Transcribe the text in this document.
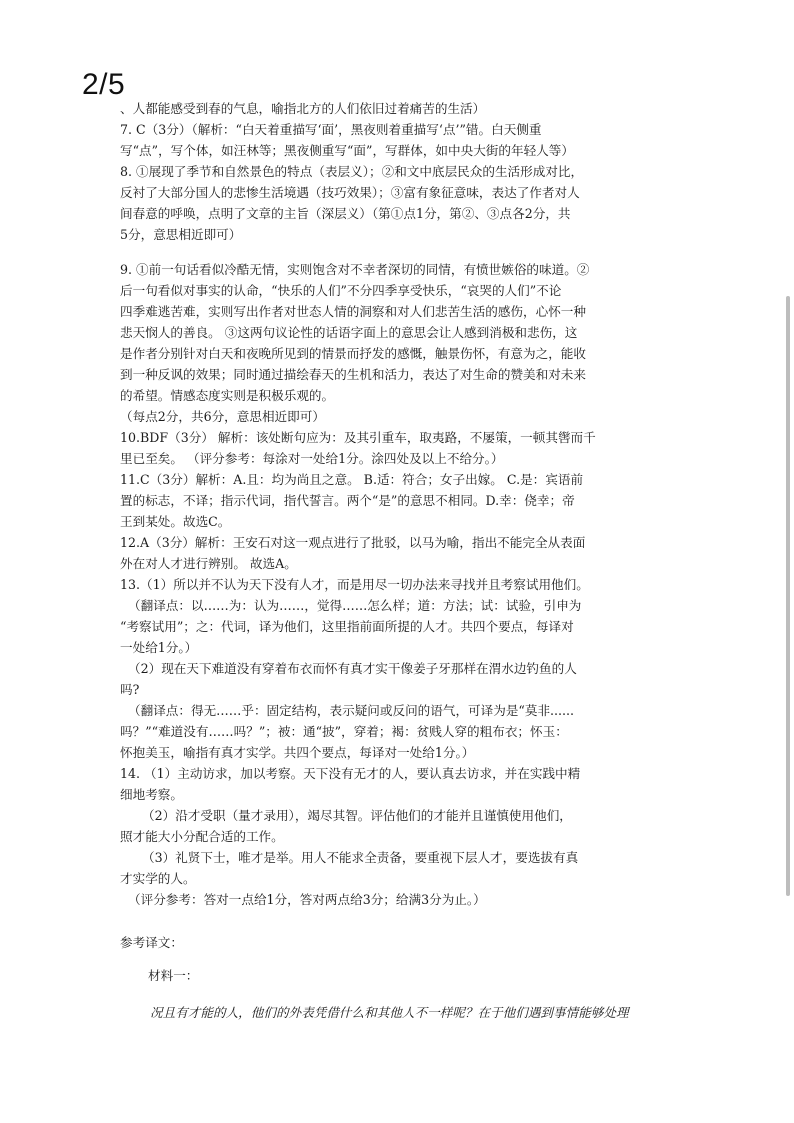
2/5
、人都能感受到春的气息，喻指北方的人们依旧过着痛苦的生活）
7. C（3分）（解析：“白天着重描写‘面’，黑夜则着重描写‘点’”错。白天侧重
写“点”，写个体，如汪林等；黑夜侧重写“面”，写群体，如中央大街的年轻人等）
8. ①展现了季节和自然景色的特点（表层义）；②和文中底层民众的生活形成对比，
反衬了大部分国人的悲惨生活境遇（技巧效果）；③富有象征意味，表达了作者对人
间春意的呼唤，点明了文章的主旨（深层义）（第①点1分，第②、③点各2分，共
5分，意思相近即可）
9. ①前一句话看似冷酷无情，实则饱含对不幸者深切的同情，有愤世嫉俗的味道。②
后一句看似对事实的认命，“快乐的人们”不分四季享受快乐，“哀哭的人们”不论
四季难逃苦难，实则写出作者对世态人情的洞察和对人们悲苦生活的感伤，心怀一种
悲天悯人的善良。 ③这两句议论性的话语字面上的意思会让人感到消极和悲伤，这
是作者分别针对白天和夜晚所见到的情景而抒发的感慨，触景伤怀，有意为之，能收
到一种反讽的效果；同时通过描绘春天的生机和活力，表达了对生命的赞美和对未来
的希望。情感态度实则是积极乐观的。
（每点2分，共6分，意思相近即可）
10.BDF（3分） 解析：该处断句应为：及其引重车，取夷路，不屡策，一顿其辔而千
里已至矣。 （评分参考：每涂对一处给1分。涂四处及以上不给分。）
11.C（3分）解析：A.且：均为尚且之意。 B.适：符合；女子出嫁。 C.是：宾语前
置的标志，不译；指示代词，指代誓言。两个“是”的意思不相同。D.幸：侥幸；帝
王到某处。故选C。
12.A（3分）解析：王安石对这一观点进行了批驳，以马为喻，指出不能完全从表面
外在对人才进行辨别。 故选A。
13.（1）所以并不认为天下没有人才，而是用尽一切办法来寻找并且考察试用他们。
（翻译点：以……为：认为……，觉得……怎么样；道：方法；试：试验，引申为
“考察试用”；之：代词，译为他们，这里指前面所提的人才。共四个要点，每译对
一处给1分。）
（2）现在天下难道没有穿着布衣而怀有真才实干像姜子牙那样在渭水边钓鱼的人
吗?
（翻译点：得无……乎：固定结构，表示疑问或反问的语气，可译为是“莫非......
吗？”“难道没有……吗？”；被：通“披”，穿着；褐：贫贱人穿的粗布衣；怀玉：
怀抱美玉，喻指有真才实学。共四个要点，每译对一处给1分。）
14. （1）主动访求，加以考察。天下没有无才的人，要认真去访求，并在实践中精
细地考察。
（2）沿才受职（量才录用），竭尽其智。评估他们的才能并且谨慎使用他们，
照才能大小分配合适的工作。
（3）礼贤下士，唯才是举。用人不能求全责备，要重视下层人才，要选拔有真
才实学的人。
（评分参考：答对一点给1分，答对两点给3分；给满3分为止。）
参考译文：
材料一：
况且有才能的人，他们的外表凭借什么和其他人不一样呢？在于他们遇到事情能够处理
